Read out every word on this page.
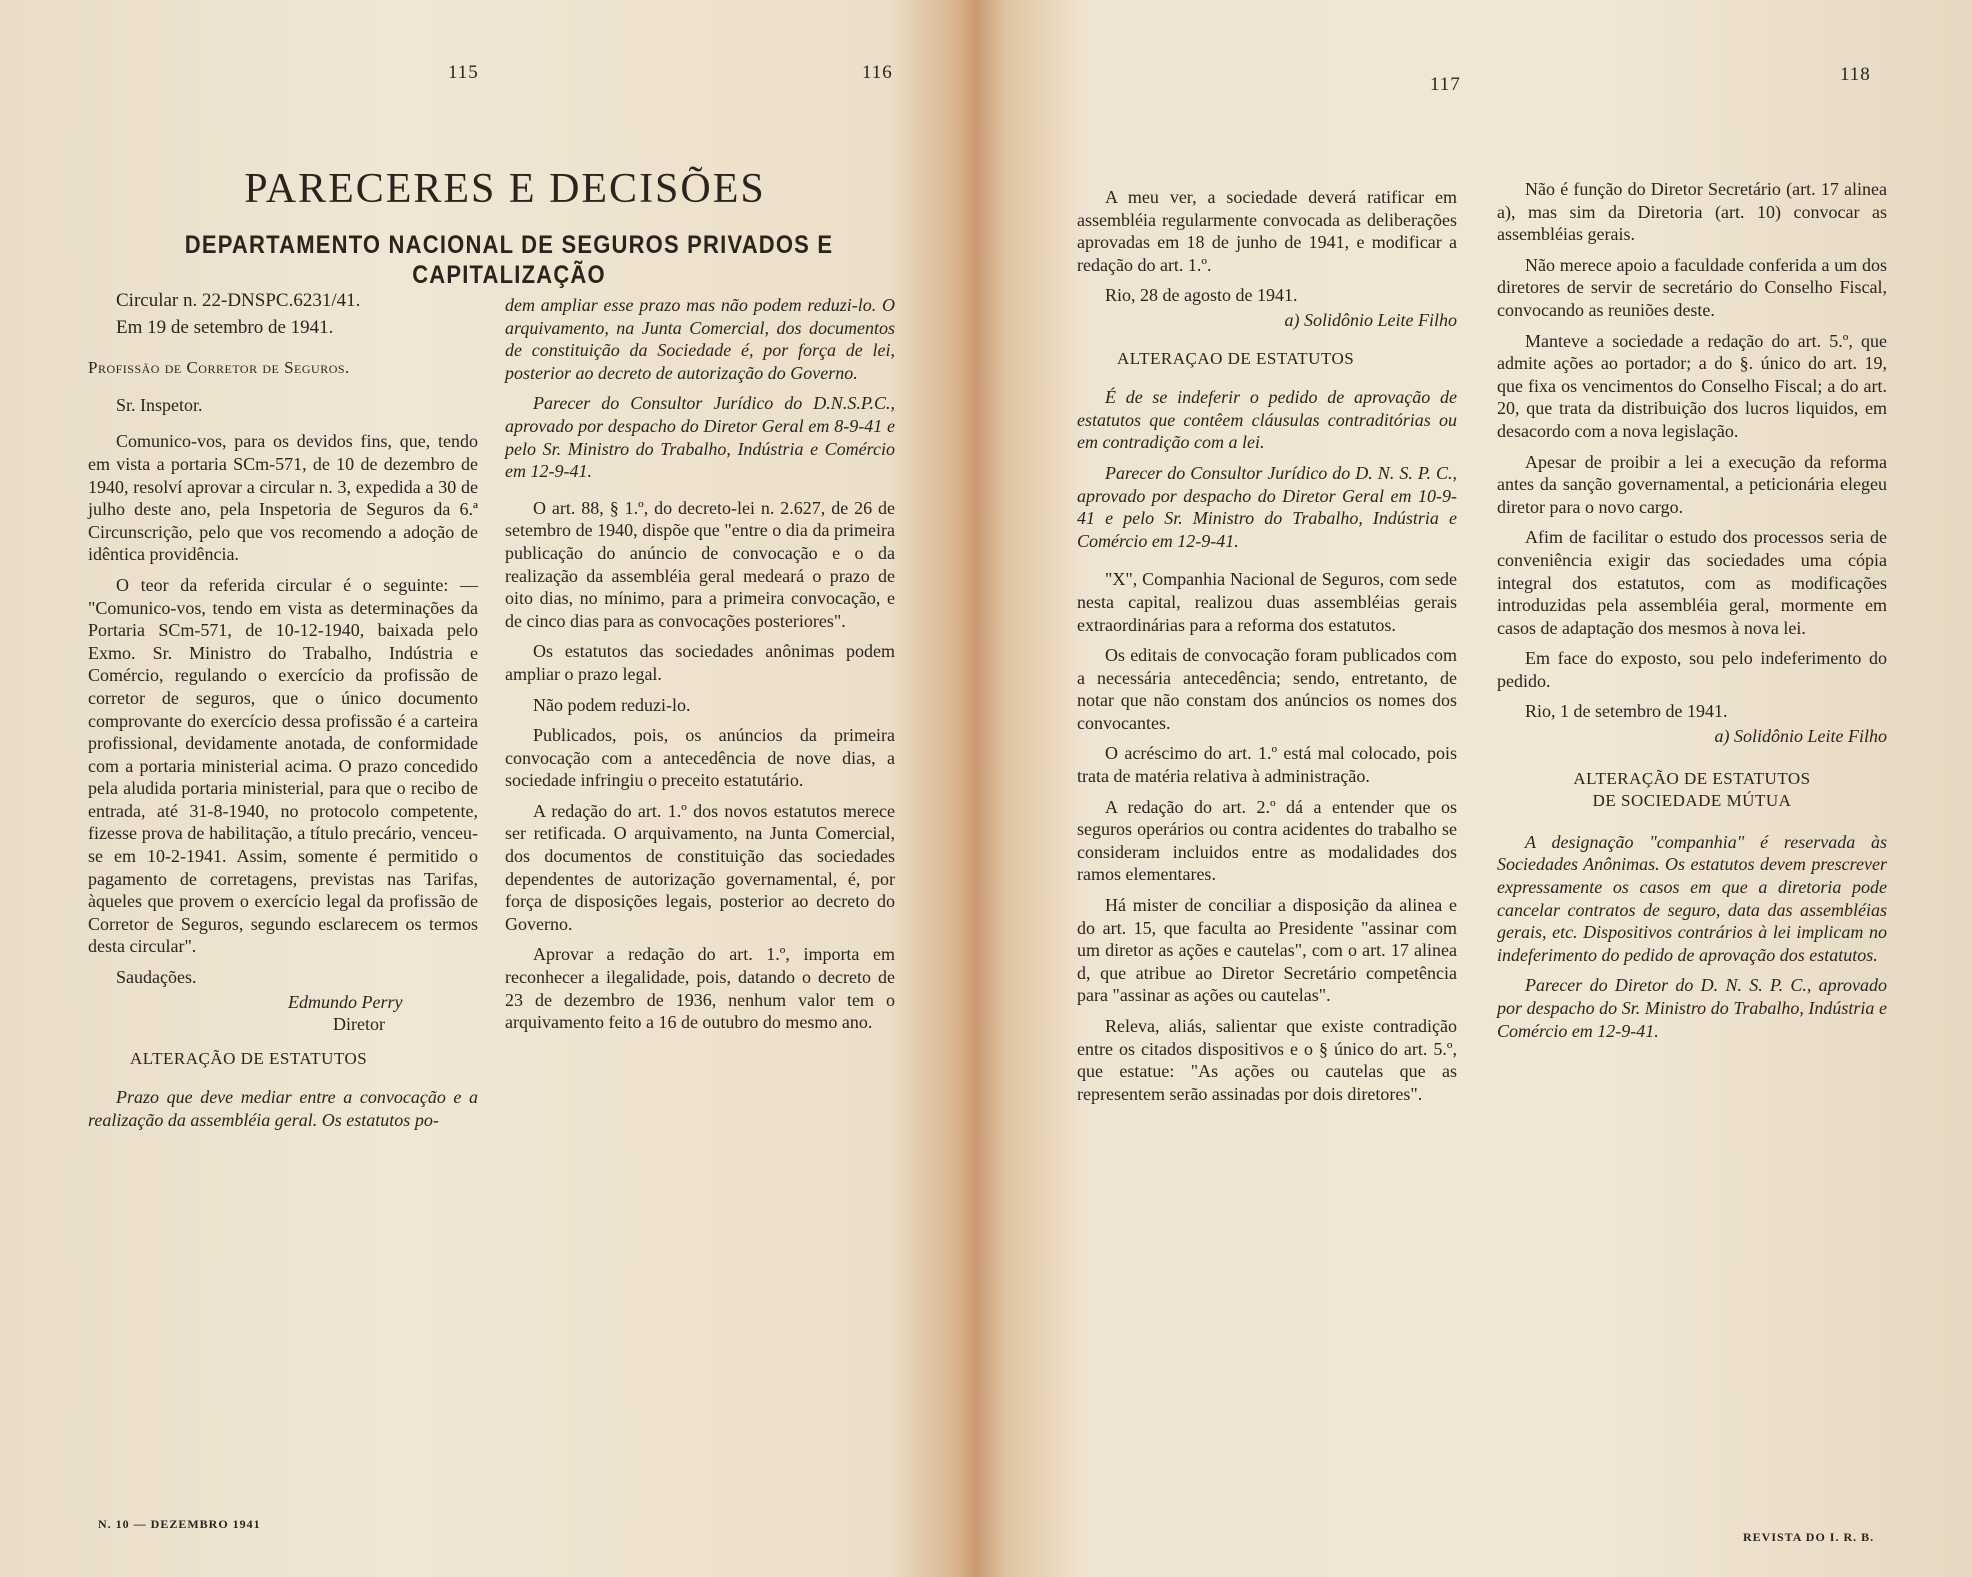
115	116
PARECERES E DECISÕES
DEPARTAMENTO NACIONAL DE SEGUROS PRIVADOS E CAPITALIZAÇÃO

Circular n. 22-DNSPC.6231/41.

Em 19 de setembro de 1941.

Profissão de Corretor de Seguros.

Sr. Inspetor.

Comunico-vos, para os devidos fins, que, tendo em vista a portaria SCm-571, de 10 de dezembro de 1940, resolví aprovar a circular n. 3, expedida a 30 de julho deste ano, pela Inspetoria de Seguros da 6.ª Circunscrição, pelo que vos recomendo a adoção de idêntica providência.

O teor da referida circular é o seguinte: — "Comunico-vos, tendo em vista as determinações da Portaria SCm-571, de 10-12-1940, baixada pelo Exmo. Sr. Ministro do Trabalho, Indústria e Comércio, regulando o exercício da profissão de corretor de seguros, que o único documento comprovante do exercício dessa profissão é a carteira profissional, devidamente anotada, de conformidade com a portaria ministerial acima. O prazo concedido pela aludida portaria ministerial, para que o recibo de entrada, até 31-8-1940, no protocolo competente, fizesse prova de habilitação, a título precário, venceu-se em 10-2-1941. Assim, somente é permitido o pagamento de corretagens, previstas nas Tarifas, àqueles que provem o exercício legal da profissão de Corretor de Seguros, segundo esclarecem os termos desta circular".

Saudações.

Edmundo Perry

Diretor

ALTERAÇÃO DE ESTATUTOS

Prazo que deve mediar entre a convocação e a realização da assembléia geral. Os estatutos po-

dem ampliar esse prazo mas não podem reduzi-lo. O arquivamento, na Junta Comercial, dos documentos de constituição da Sociedade é, por força de lei, posterior ao decreto de autorização do Governo.

Parecer do Consultor Jurídico do D.N.S.P.C., aprovado por despacho do Diretor Geral em 8-9-41 e pelo Sr. Ministro do Trabalho, Indústria e Comércio em 12-9-41.

O art. 88, § 1.º, do decreto-lei n. 2.627, de 26 de setembro de 1940, dispõe que "entre o dia da primeira publicação do anúncio de convocação e o da realização da assembléia geral medeará o prazo de oito dias, no mínimo, para a primeira convocação, e de cinco dias para as convocações posteriores".

Os estatutos das sociedades anônimas podem ampliar o prazo legal.

Não podem reduzi-lo.

Publicados, pois, os anúncios da primeira convocação com a antecedência de nove dias, a sociedade infringiu o preceito estatutário.

A redação do art. 1.º dos novos estatutos merece ser retificada. O arquivamento, na Junta Comercial, dos documentos de constituição das sociedades dependentes de autorização governamental, é, por força de disposições legais, posterior ao decreto do Governo.

Aprovar a redação do art. 1.º, importa em reconhecer a ilegalidade, pois, datando o decreto de 23 de dezembro de 1936, nenhum valor tem o arquivamento feito a 16 de outubro do mesmo ano.

N. 10 — DEZEMBRO 1941
117	118

A meu ver, a sociedade deverá ratificar em assembléia regularmente convocada as deliberações aprovadas em 18 de junho de 1941, e modificar a redação do art. 1.º.

Rio, 28 de agosto de 1941.

a) Solidônio Leite Filho

ALTERAÇAO DE ESTATUTOS

É de se indeferir o pedido de aprovação de estatutos que contêem cláusulas contraditórias ou em contradição com a lei.

Parecer do Consultor Jurídico do D. N. S. P. C., aprovado por despacho do Diretor Geral em 10-9-41 e pelo Sr. Ministro do Trabalho, Indústria e Comércio em 12-9-41.

"X", Companhia Nacional de Seguros, com sede nesta capital, realizou duas assembléias gerais extraordinárias para a reforma dos estatutos.

Os editais de convocação foram publicados com a necessária antecedência; sendo, entretanto, de notar que não constam dos anúncios os nomes dos convocantes.

O acréscimo do art. 1.º está mal colocado, pois trata de matéria relativa à administração.

A redação do art. 2.º dá a entender que os seguros operários ou contra acidentes do trabalho se consideram incluidos entre as modalidades dos ramos elementares.

Há mister de conciliar a disposição da alinea e do art. 15, que faculta ao Presidente "assinar com um diretor as ações e cautelas", com o art. 17 alinea d, que atribue ao Diretor Secretário competência para "assinar as ações ou cautelas".

Releva, aliás, salientar que existe contradição entre os citados dispositivos e o § único do art. 5.º, que estatue: "As ações ou cautelas que as representem serão assinadas por dois diretores".

Não é função do Diretor Secretário (art. 17 alinea a), mas sim da Diretoria (art. 10) convocar as assembléias gerais.

Não merece apoio a faculdade conferida a um dos diretores de servir de secretário do Conselho Fiscal, convocando as reuniões deste.

Manteve a sociedade a redação do art. 5.º, que admite ações ao portador; a do §. único do art. 19, que fixa os vencimentos do Conselho Fiscal; a do art. 20, que trata da distribuição dos lucros liquidos, em desacordo com a nova legislação.

Apesar de proibir a lei a execução da reforma antes da sanção governamental, a peticionária elegeu diretor para o novo cargo.

Afim de facilitar o estudo dos processos seria de conveniência exigir das sociedades uma cópia integral dos estatutos, com as modificações introduzidas pela assembléia geral, mormente em casos de adaptação dos mesmos à nova lei.

Em face do exposto, sou pelo indeferimento do pedido.

Rio, 1 de setembro de 1941.

a) Solidônio Leite Filho

ALTERAÇÃO DE ESTATUTOS

DE SOCIEDADE MÚTUA

A designação "companhia" é reservada às Sociedades Anônimas. Os estatutos devem prescrever expressamente os casos em que a diretoria pode cancelar contratos de seguro, data das assembléias gerais, etc. Dispositivos contrários à lei implicam no indeferimento do pedido de aprovação dos estatutos.

Parecer do Diretor do D. N. S. P. C., aprovado por despacho do Sr. Ministro do Trabalho, Indústria e Comércio em 12-9-41.

REVISTA DO I. R. B.
